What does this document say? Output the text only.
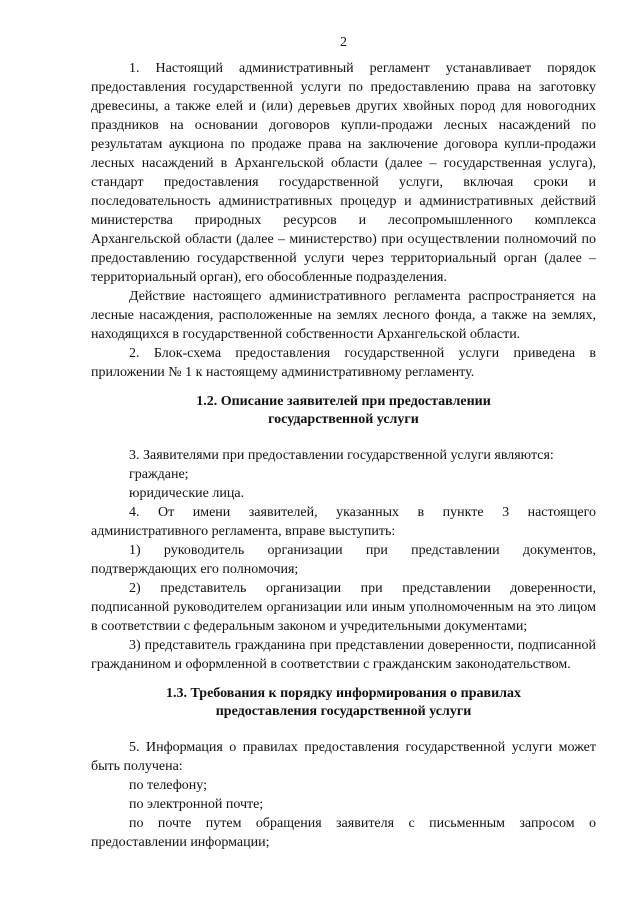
2

1. Настоящий административный регламент устанавливает порядок предоставления государственной услуги по предоставлению права на заготовку древесины, а также елей и (или) деревьев других хвойных пород для новогодних праздников на основании договоров купли-продажи лесных насаждений по результатам аукциона по продаже права на заключение договора купли-продажи лесных насаждений в Архангельской области (далее – государственная услуга), стандарт предоставления государственной услуги, включая сроки и последовательность административных процедур и административных действий министерства природных ресурсов и лесопромышленного комплекса Архангельской области (далее – министерство) при осуществлении полномочий по предоставлению государственной услуги через территориальный орган (далее – территориальный орган), его обособленные подразделения.

Действие настоящего административного регламента распространяется на лесные насаждения, расположенные на землях лесного фонда, а также на землях, находящихся в государственной собственности Архангельской области.

2. Блок-схема предоставления государственной услуги приведена в приложении № 1 к настоящему административному регламенту.

1.2. Описание заявителей при предоставлении
государственной услуги

3. Заявителями при предоставлении государственной услуги являются:

граждане;

юридические лица.

4. От имени заявителей, указанных в пункте 3 настоящего административного регламента, вправе выступить:

1) руководитель организации при представлении документов, подтверждающих его полномочия;

2) представитель организации при представлении доверенности, подписанной руководителем организации или иным уполномоченным на это лицом в соответствии с федеральным законом и учредительными документами;

3) представитель гражданина при представлении доверенности, подписанной гражданином и оформленной в соответствии с гражданским законодательством.

1.3. Требования к порядку информирования о правилах
предоставления государственной услуги

5. Информация о правилах предоставления государственной услуги может быть получена:

по телефону;

по электронной почте;

по почте путем обращения заявителя с письменным запросом о предоставлении информации;
